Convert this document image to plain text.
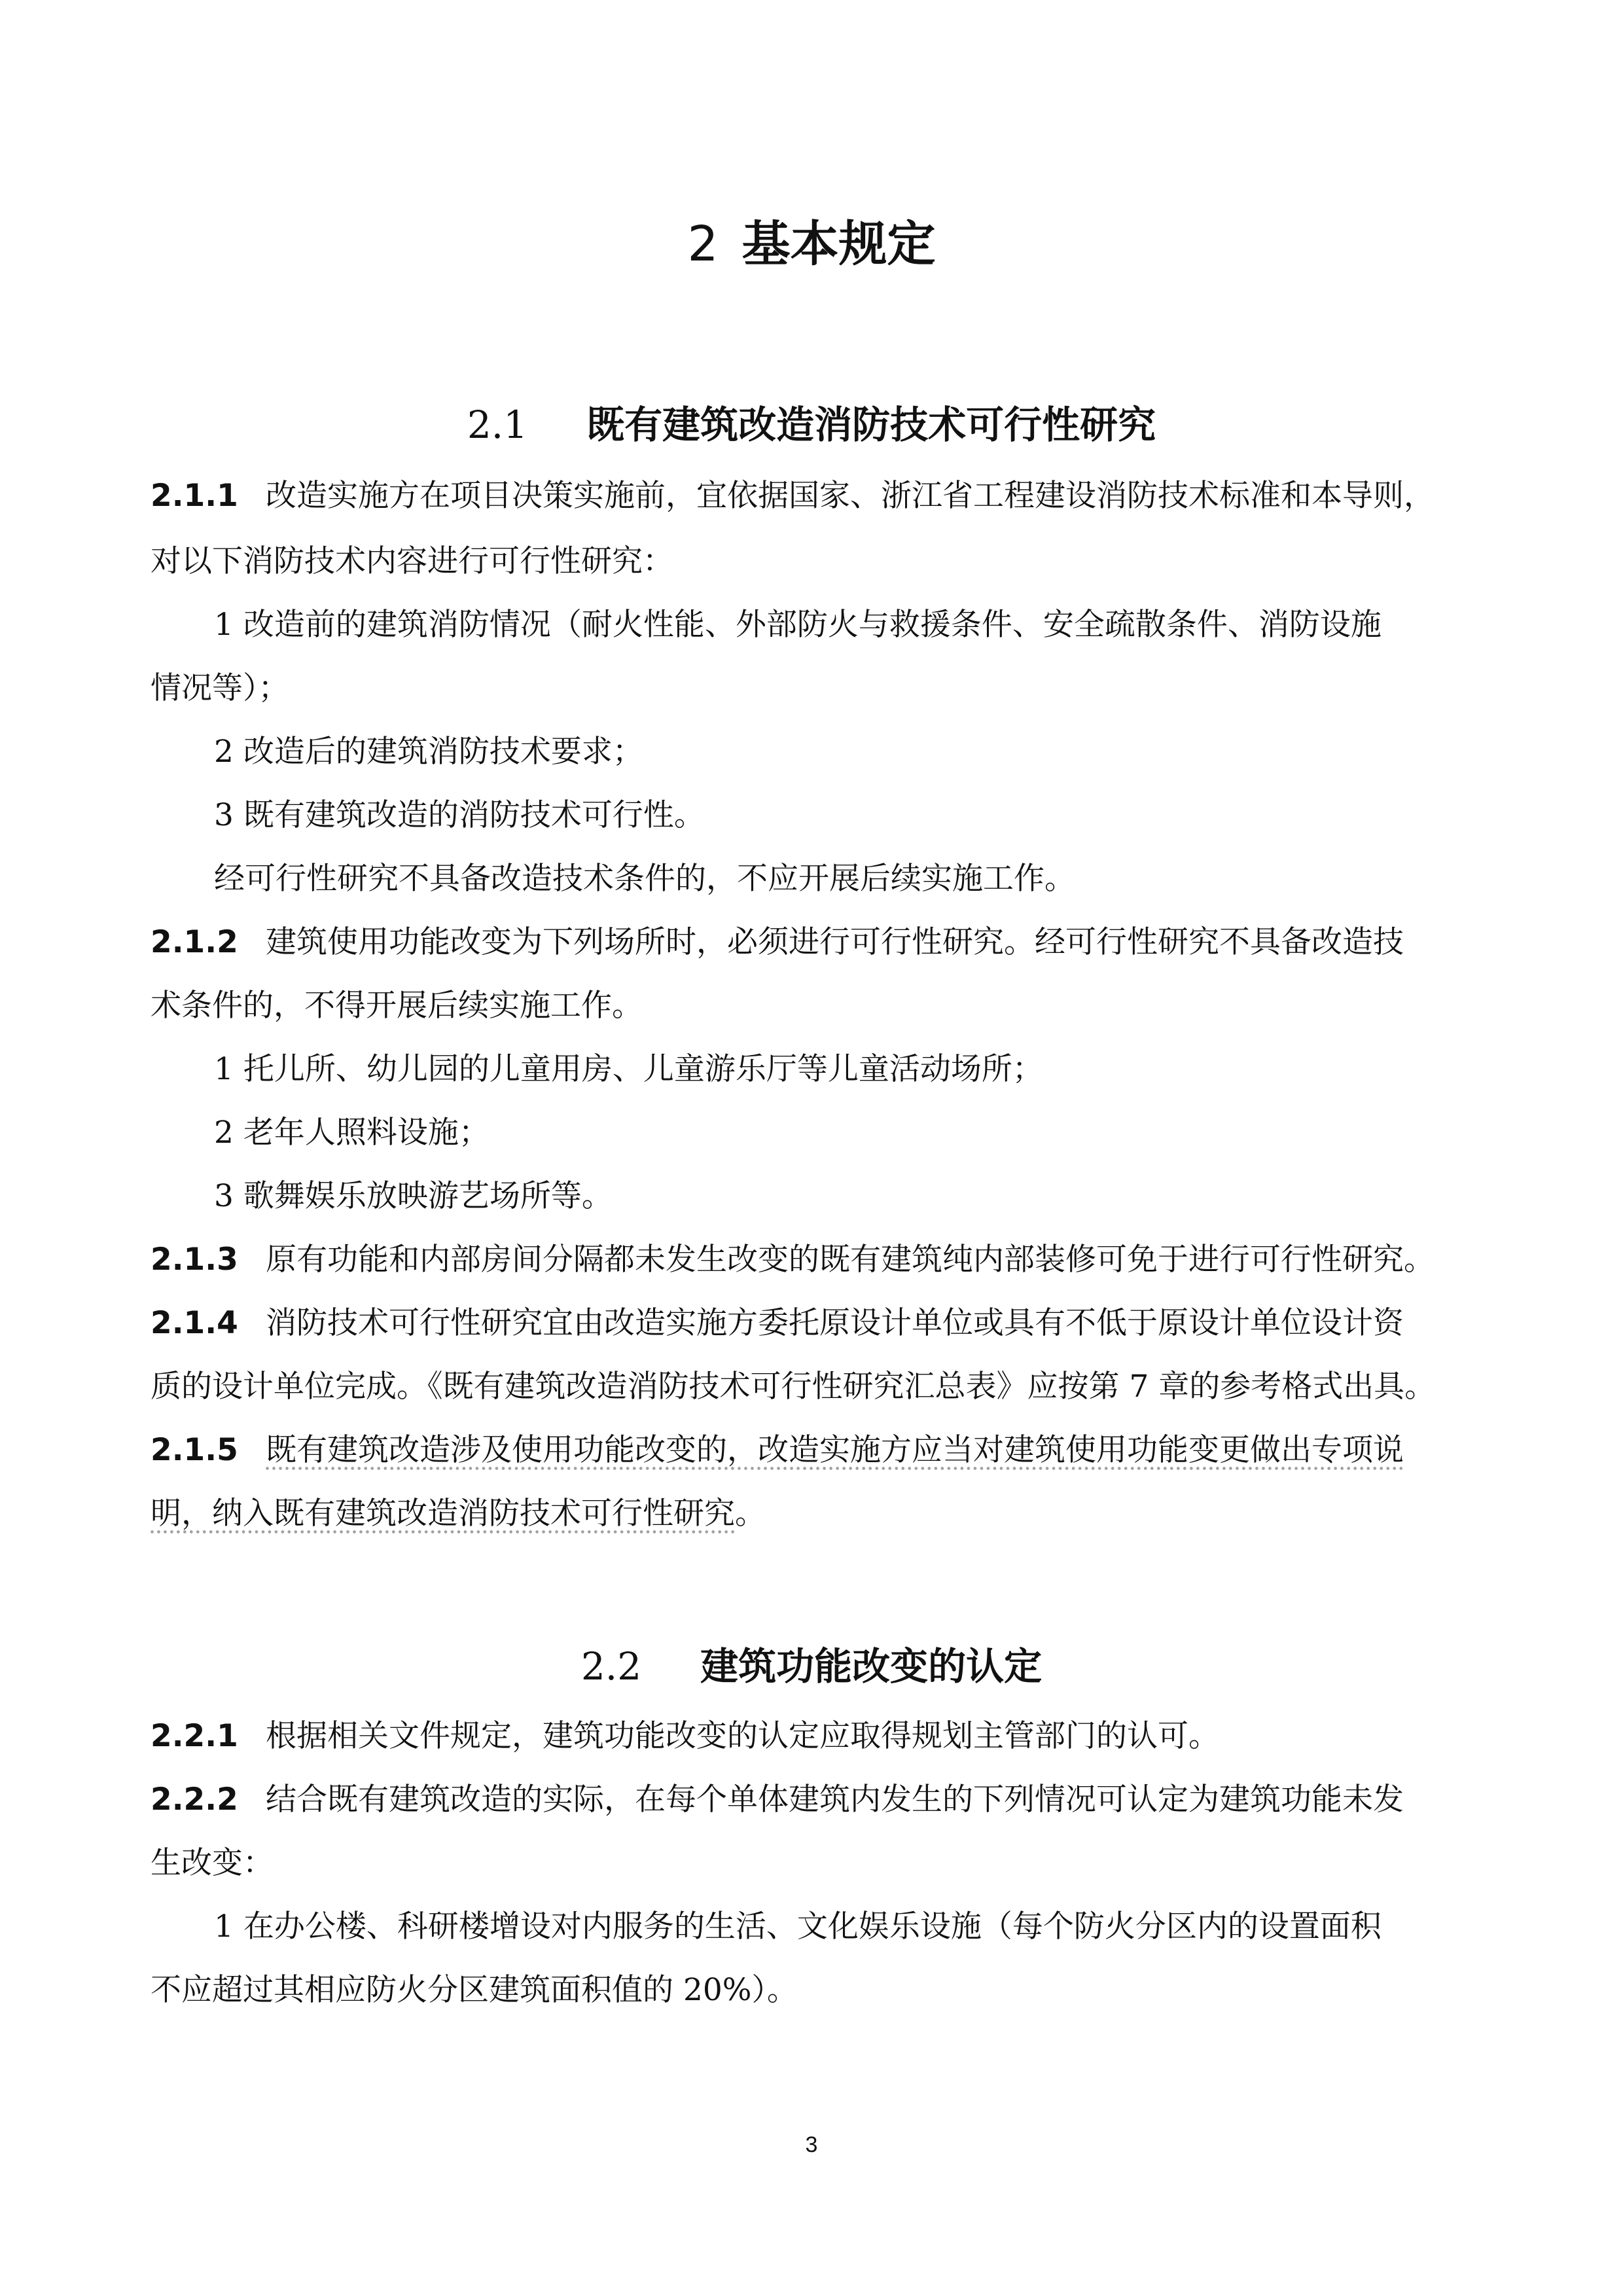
2 基本规定
2.1 既有建筑改造消防技术可行性研究
2.1.1 改造实施方在项目决策实施前，宜依据国家、浙江省工程建设消防技术标准和本导则，
对以下消防技术内容进行可行性研究：
1 改造前的建筑消防情况（耐火性能、外部防火与救援条件、安全疏散条件、消防设施
情况等）；
2 改造后的建筑消防技术要求；
3 既有建筑改造的消防技术可行性。
经可行性研究不具备改造技术条件的，不应开展后续实施工作。
2.1.2 建筑使用功能改变为下列场所时，必须进行可行性研究。经可行性研究不具备改造技
术条件的，不得开展后续实施工作。
1 托儿所、幼儿园的儿童用房、儿童游乐厅等儿童活动场所；
2 老年人照料设施；
3 歌舞娱乐放映游艺场所等。
2.1.3 原有功能和内部房间分隔都未发生改变的既有建筑纯内部装修可免于进行可行性研究。
2.1.4 消防技术可行性研究宜由改造实施方委托原设计单位或具有不低于原设计单位设计资
质的设计单位完成。《既有建筑改造消防技术可行性研究汇总表》应按第 7 章的参考格式出具。
2.1.5 既有建筑改造涉及使用功能改变的，改造实施方应当对建筑使用功能变更做出专项说
明，纳入既有建筑改造消防技术可行性研究。
2.2 建筑功能改变的认定
2.2.1 根据相关文件规定，建筑功能改变的认定应取得规划主管部门的认可。
2.2.2 结合既有建筑改造的实际，在每个单体建筑内发生的下列情况可认定为建筑功能未发
生改变：
1 在办公楼、科研楼增设对内服务的生活、文化娱乐设施（每个防火分区内的设置面积
不应超过其相应防火分区建筑面积值的 20%）。
3
